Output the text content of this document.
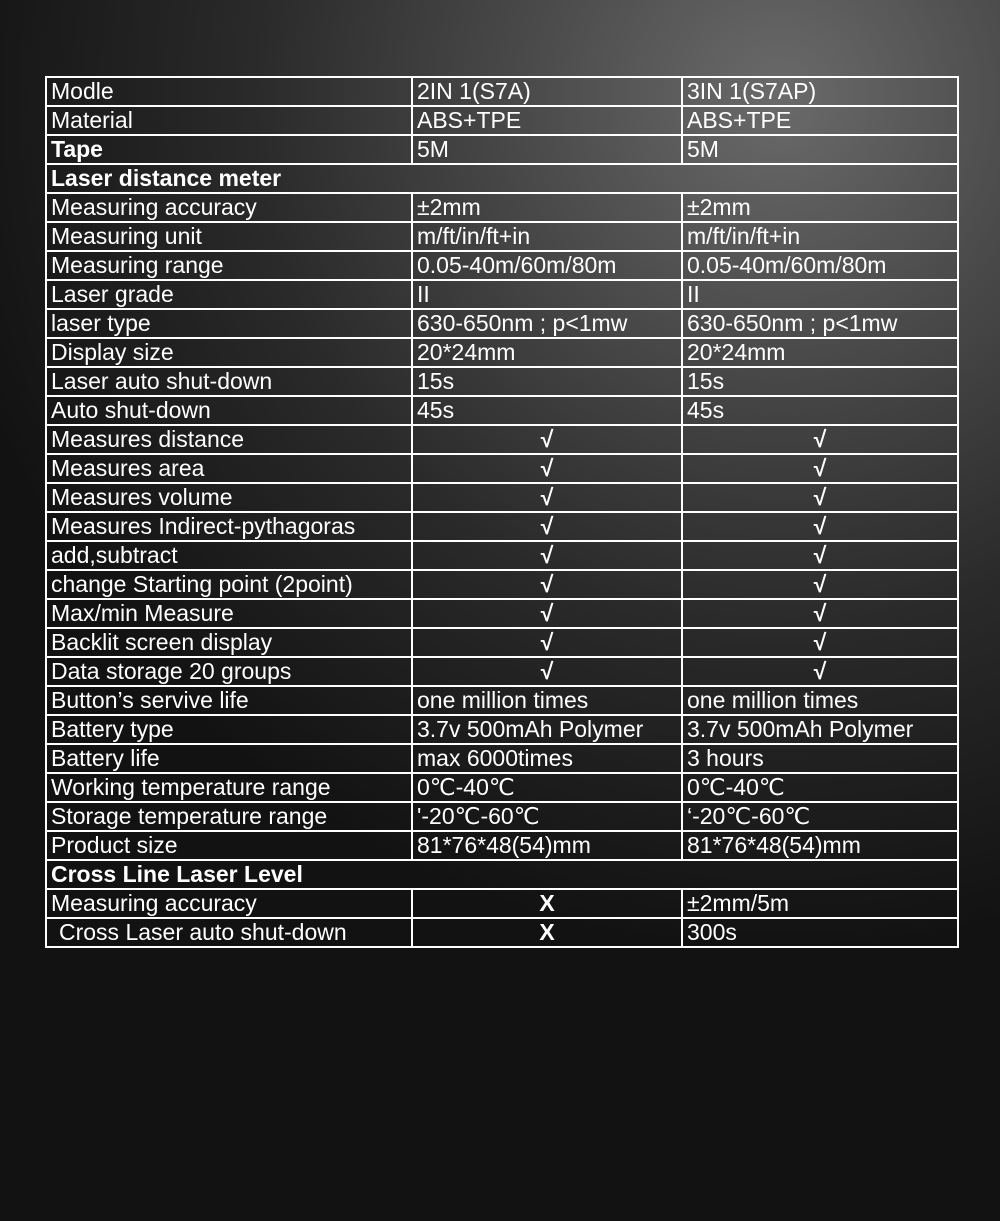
Modle	2IN 1(S7A)	3IN 1(S7AP)
Material	ABS+TPE	ABS+TPE
Tape	5M	5M
Laser distance meter		
Measuring accuracy	±2mm	±2mm
Measuring unit	m/ft/in/ft+in	m/ft/in/ft+in
Measuring range	0.05-40m/60m/80m	0.05-40m/60m/80m
Laser grade	II	II
laser type	630-650nm ; p<1mw	630-650nm ; p<1mw
Display size	20*24mm	20*24mm
Laser auto shut-down	15s	15s
Auto shut-down	45s	45s
Measures distance	√	√
Measures area	√	√
Measures volume	√	√
Measures Indirect-pythagoras	√	√
add,subtract	√	√
change Starting point (2point)	√	√
Max/min Measure	√	√
Backlit screen display	√	√
Data storage 20 groups	√	√
Button’s servive life	one million times	one million times
Battery type	3.7v 500mAh Polymer	3.7v 500mAh Polymer
Battery life	max 6000times	3 hours
Working temperature range	0℃-40℃	0℃-40℃
Storage temperature range	'-20℃-60℃	‘-20℃-60℃
Product size	81*76*48(54)mm	81*76*48(54)mm
Cross Line Laser Level		
Measuring accuracy	X	±2mm/5m
Cross Laser auto shut-down	X	300s
